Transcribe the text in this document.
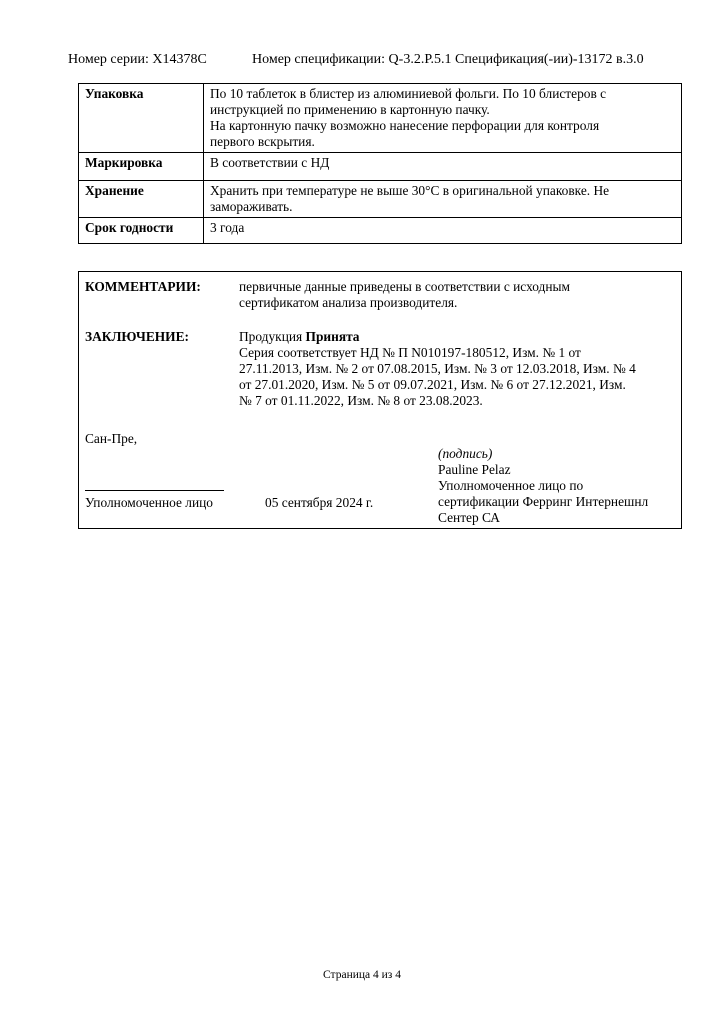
Номер серии: X14378C	Номер спецификации: Q-3.2.P.5.1 Спецификация(-ии)-13172 в.3.0
Упаковка	По 10 таблеток в блистер из алюминиевой фольги. По 10 блистеров с
инструкцией по применению в картонную пачку.
На картонную пачку возможно нанесение перфорации для контроля
первого вскрытия.

Маркировка	В соответствии с НД

Хранение	Хранить при температуре не выше 30°С в оригинальной упаковке. Не
замораживать.

Срок годности	3 года
КОММЕНТАРИИ:	первичные данные приведены в соответствии с исходным
сертификатом анализа производителя.
ЗАКЛЮЧЕНИЕ:	Продукция Принята
Серия соответствует НД № П N010197-180512, Изм. № 1 от
27.11.2013, Изм. № 2 от 07.08.2015, Изм. № 3 от 12.03.2018, Изм. № 4
от 27.01.2020, Изм. № 5 от 09.07.2021, Изм. № 6 от 27.12.2021, Изм.
№ 7 от 01.11.2022, Изм. № 8 от 23.08.2023.
Сан-Пре,
(подпись)
Pauline Pelaz
Уполномоченное лицо по
Уполномоченное лицо	05 сентября 2024 г.	сертификации Ферринг Интернешнл
Сентер СА
Страница 4 из 4
